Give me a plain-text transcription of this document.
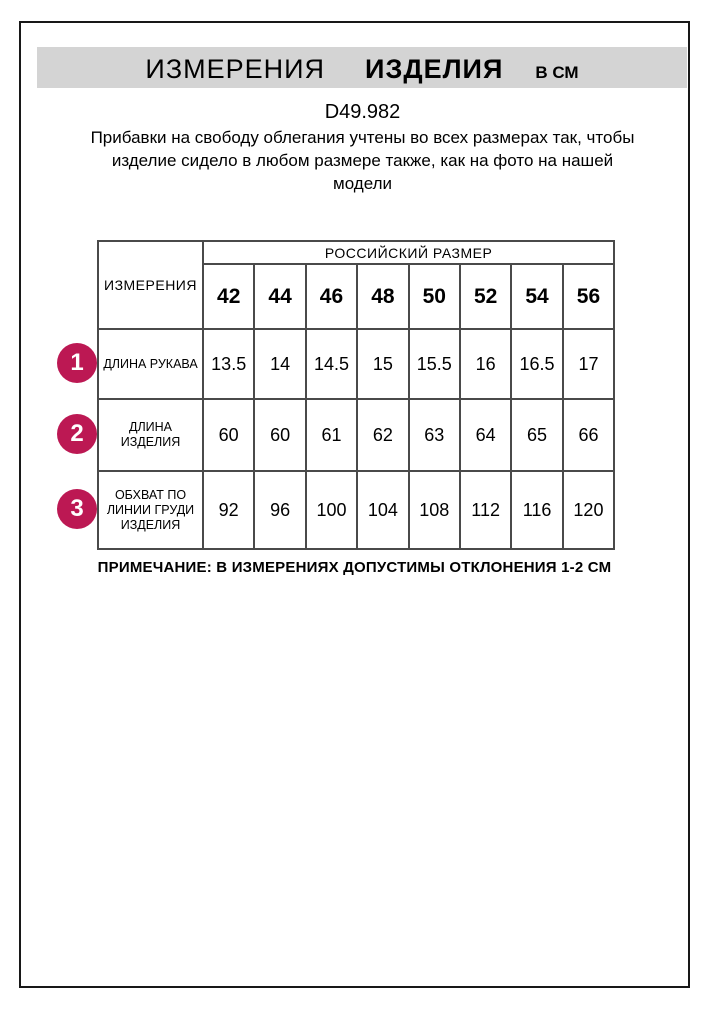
ИЗМЕРЕНИЯ ИЗДЕЛИЯ В СМ
D49.982
Прибавки на свободу облегания учтены во всех размерах так, чтобы изделие сидело в любом размере также, как на фото на нашей модели
1
2
3
ИЗМЕРЕНИЯ	РОССИЙСКИЙ РАЗМЕР							
	42	44	46	48	50	52	54	56

ДЛИНА РУКАВА	13.5	14	14.5	15	15.5	16	16.5	17

ДЛИНА
ИЗДЕЛИЯ	60	60	61	62	63	64	65	66

ОБХВАТ ПО
ЛИНИИ ГРУДИ
ИЗДЕЛИЯ	92	96	100	104	108	112	116	120
ПРИМЕЧАНИЕ: В ИЗМЕРЕНИЯХ ДОПУСТИМЫ ОТКЛОНЕНИЯ 1-2 СМ
